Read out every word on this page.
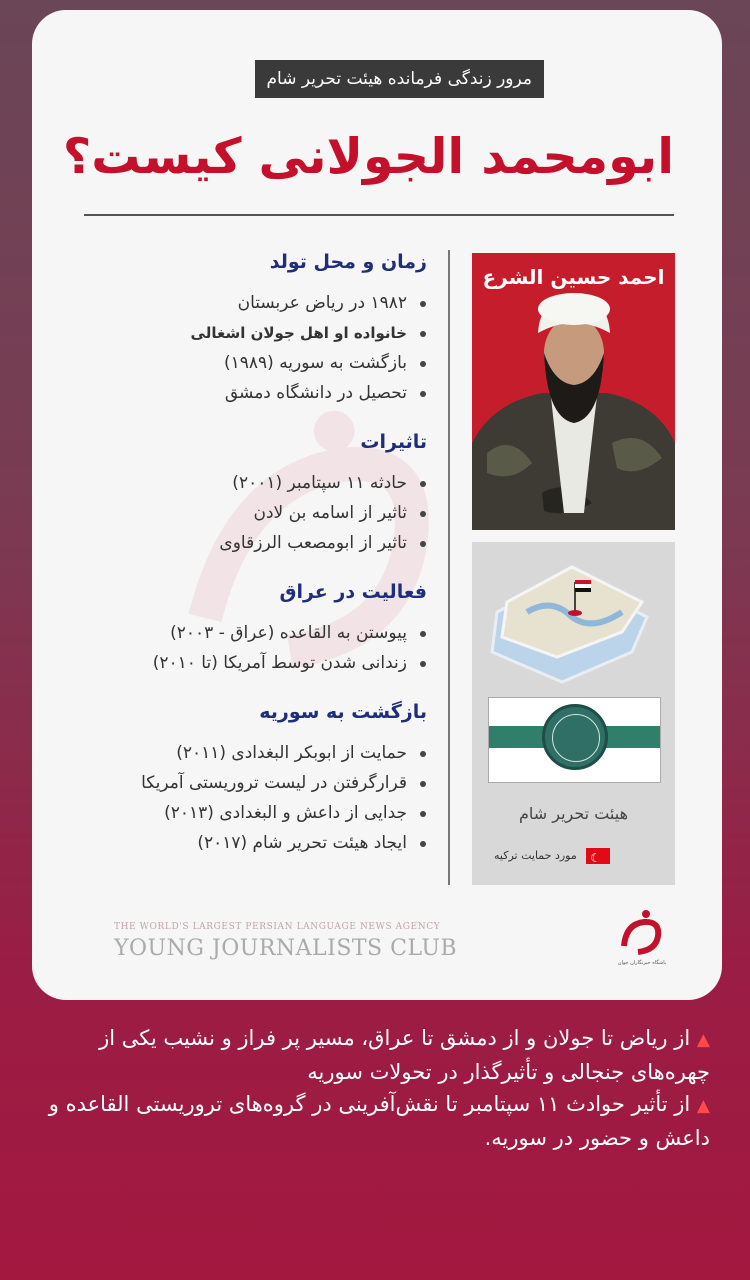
مرور زندگی فرمانده هیئت تحریر شام
ابومحمد الجولانی کیست؟
زمان و محل تولد
۱۹۸۲ در ریاض عربستان
خانواده او اهل جولان اشغالی
بازگشت به سوریه (۱۹۸۹)
تحصیل در دانشگاه دمشق
تاثیرات
حادثه ۱۱ سپتامبر (۲۰۰۱)
ثاثیر از اسامه بن لادن
تاثیر از ابومصعب الرزقاوی
فعالیت در عراق
پیوستن به القاعده (عراق - ۲۰۰۳)
زندانی شدن توسط آمریکا (تا ۲۰۱۰)
بازگشت به سوریه
حمایت از ابوبکر البغدادی (۲۰۱۱)
قرارگرفتن در لیست تروریستی آمریکا
جدایی از داعش و البغدادی (۲۰۱۳)
ایجاد هیئت تحریر شام (۲۰۱۷)
احمد حسین الشرع
هیئت تحریر شام
☾ مورد حمایت ترکیه
THE WORLD'S LARGEST PERSIAN LANGUAGE NEWS AGENCY
YOUNG JOURNALISTS CLUB
باشگاه خبرنگاران جوان

▲ از ریاض تا جولان و از دمشق تا عراق، مسیر پر فراز و نشیب یکی از چهره‌های جنجالی و تأثیرگذار در تحولات سوریه

▲ از تأثیر حوادث ۱۱ سپتامبر تا نقش‌آفرینی در گروه‌های تروریستی القاعده و داعش و حضور در سوریه.
